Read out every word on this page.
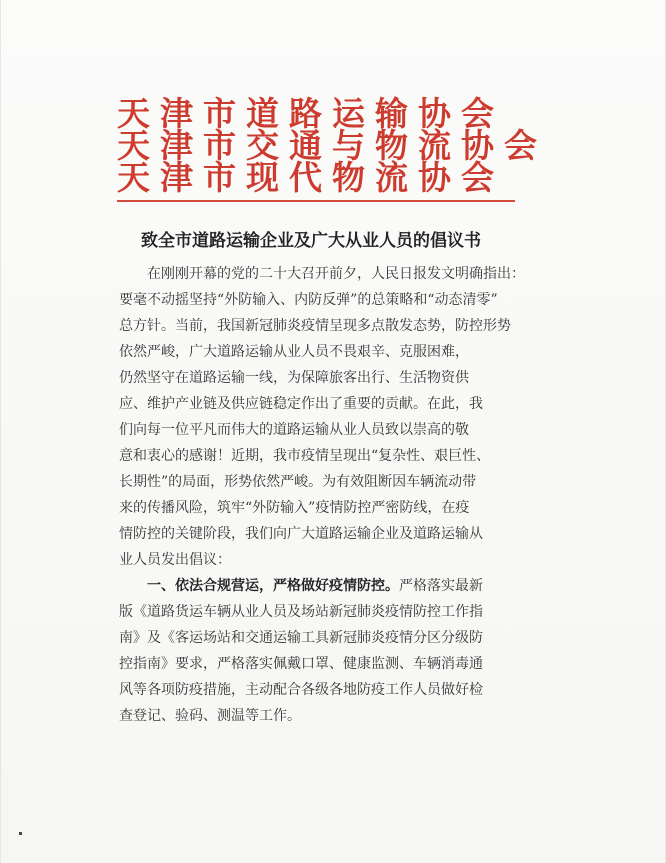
天津市道路运输协会
天津市交通与物流协会
天津市现代物流协会
致全市道路运输企业及广大从业人员的倡议书
在刚刚开幕的党的二十大召开前夕，人民日报发文明确指出：
要毫不动摇坚持“外防输入、内防反弹”的总策略和“动态清零”
总方针。当前，我国新冠肺炎疫情呈现多点散发态势，防控形势
依然严峻，广大道路运输从业人员不畏艰辛、克服困难，
仍然坚守在道路运输一线，为保障旅客出行、生活物资供
应、维护产业链及供应链稳定作出了重要的贡献。在此，我
们向每一位平凡而伟大的道路运输从业人员致以崇高的敬
意和衷心的感谢！近期，我市疫情呈现出“复杂性、艰巨性、
长期性”的局面，形势依然严峻。为有效阻断因车辆流动带
来的传播风险，筑牢“外防输入”疫情防控严密防线，在疫
情防控的关键阶段，我们向广大道路运输企业及道路运输从
业人员发出倡议：
一、依法合规营运，严格做好疫情防控。严格落实最新
版《道路货运车辆从业人员及场站新冠肺炎疫情防控工作指
南》及《客运场站和交通运输工具新冠肺炎疫情分区分级防
控指南》要求，严格落实佩戴口罩、健康监测、车辆消毒通
风等各项防疫措施，主动配合各级各地防疫工作人员做好检
查登记、验码、测温等工作。
